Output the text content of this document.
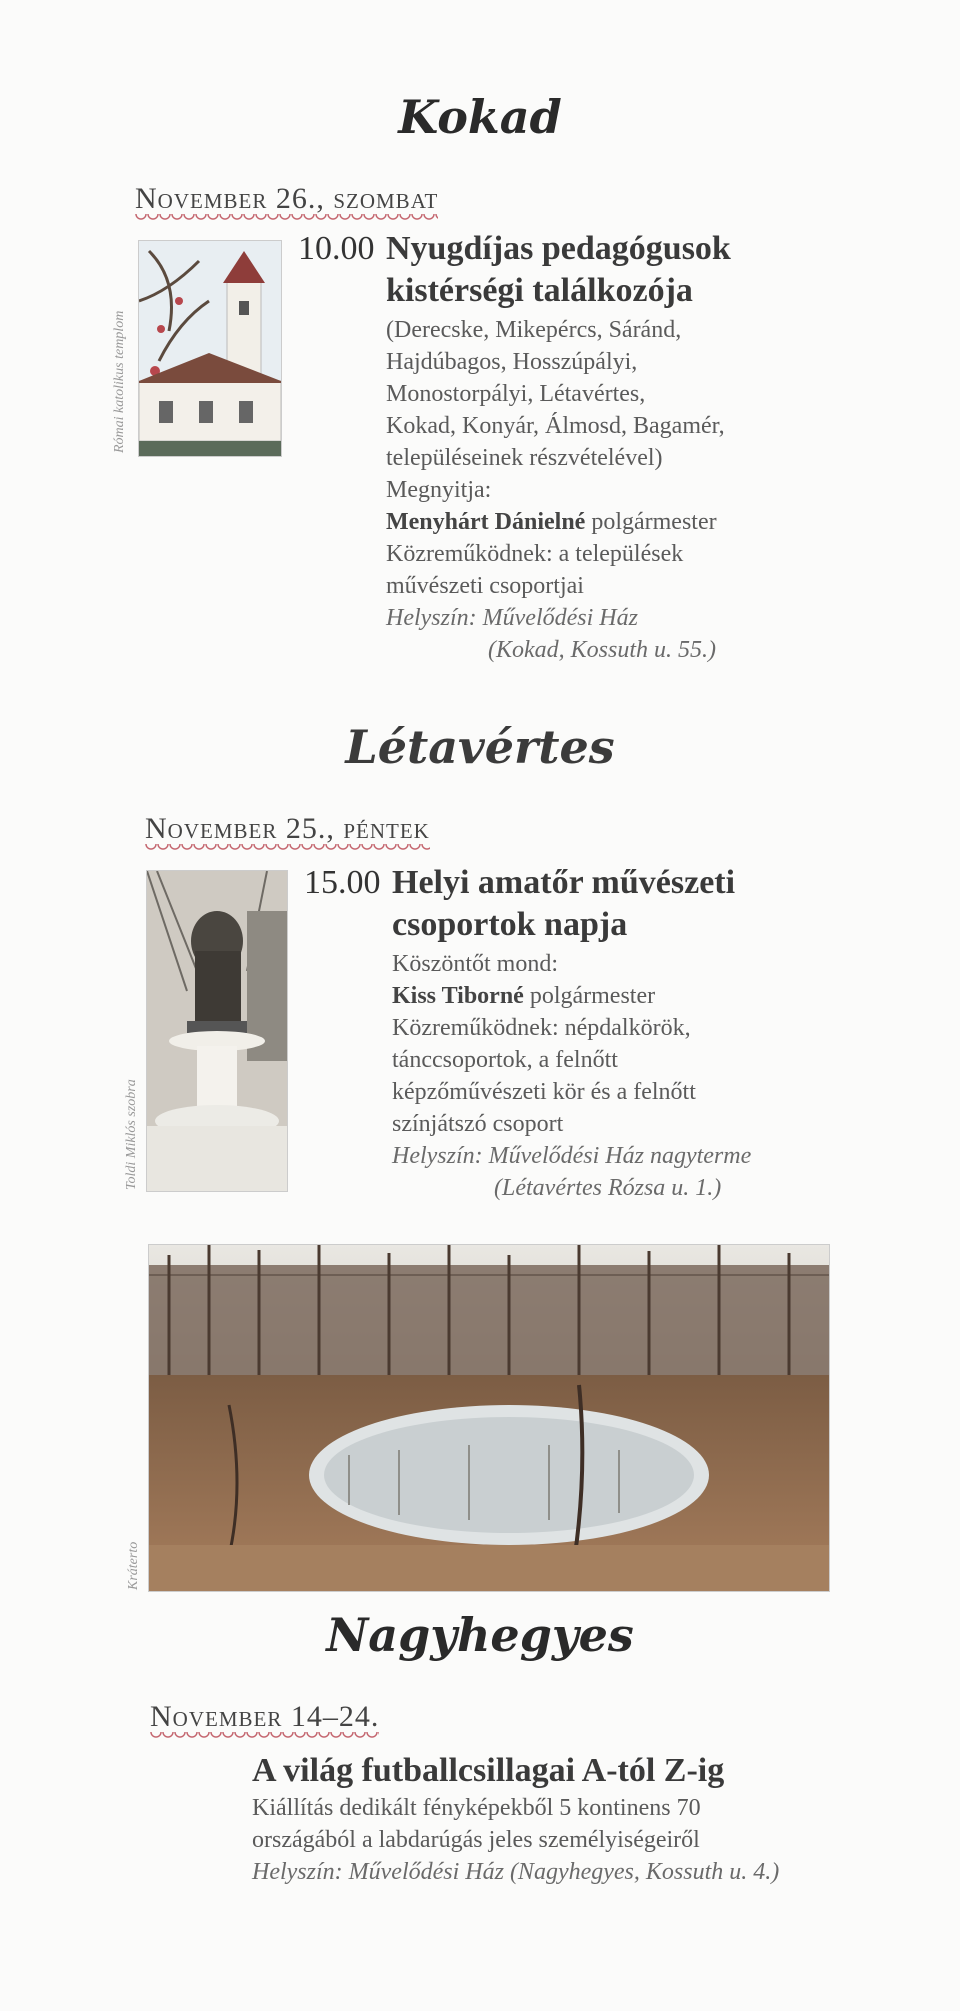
Kokad
November 26., szombat
Római katolikus templom
10.00 Nyugdíjas pedagógusok
kistérségi találkozója
(Derecske, Mikepércs, Sáránd,
Hajdúbagos, Hosszúpályi,
Monostorpályi, Létavértes,
Kokad, Konyár, Álmosd, Bagamér,
településeinek részvételével)
Megnyitja:
Menyhárt Dánielné polgármester
Közreműködnek: a települések
művészeti csoportjai
Helyszín: Művelődési Ház
(Kokad, Kossuth u. 55.)
Létavértes
November 25., péntek
Toldi Miklós szobra
15.00 Helyi amatőr művészeti
csoportok napja
Köszöntőt mond:
Kiss Tiborné polgármester
Közreműködnek: népdalkörök,
tánccsoportok, a felnőtt
képzőművészeti kör és a felnőtt
színjátszó csoport
Helyszín: Művelődési Ház nagyterme
(Létavértes Rózsa u. 1.)
Kráterto
Nagyhegyes
November 14–24.
A világ futballcsillagai A-tól Z-ig
Kiállítás dedikált fényképekből 5 kontinens 70
országából a labdarúgás jeles személyiségeiről
Helyszín: Művelődési Ház (Nagyhegyes, Kossuth u. 4.)
